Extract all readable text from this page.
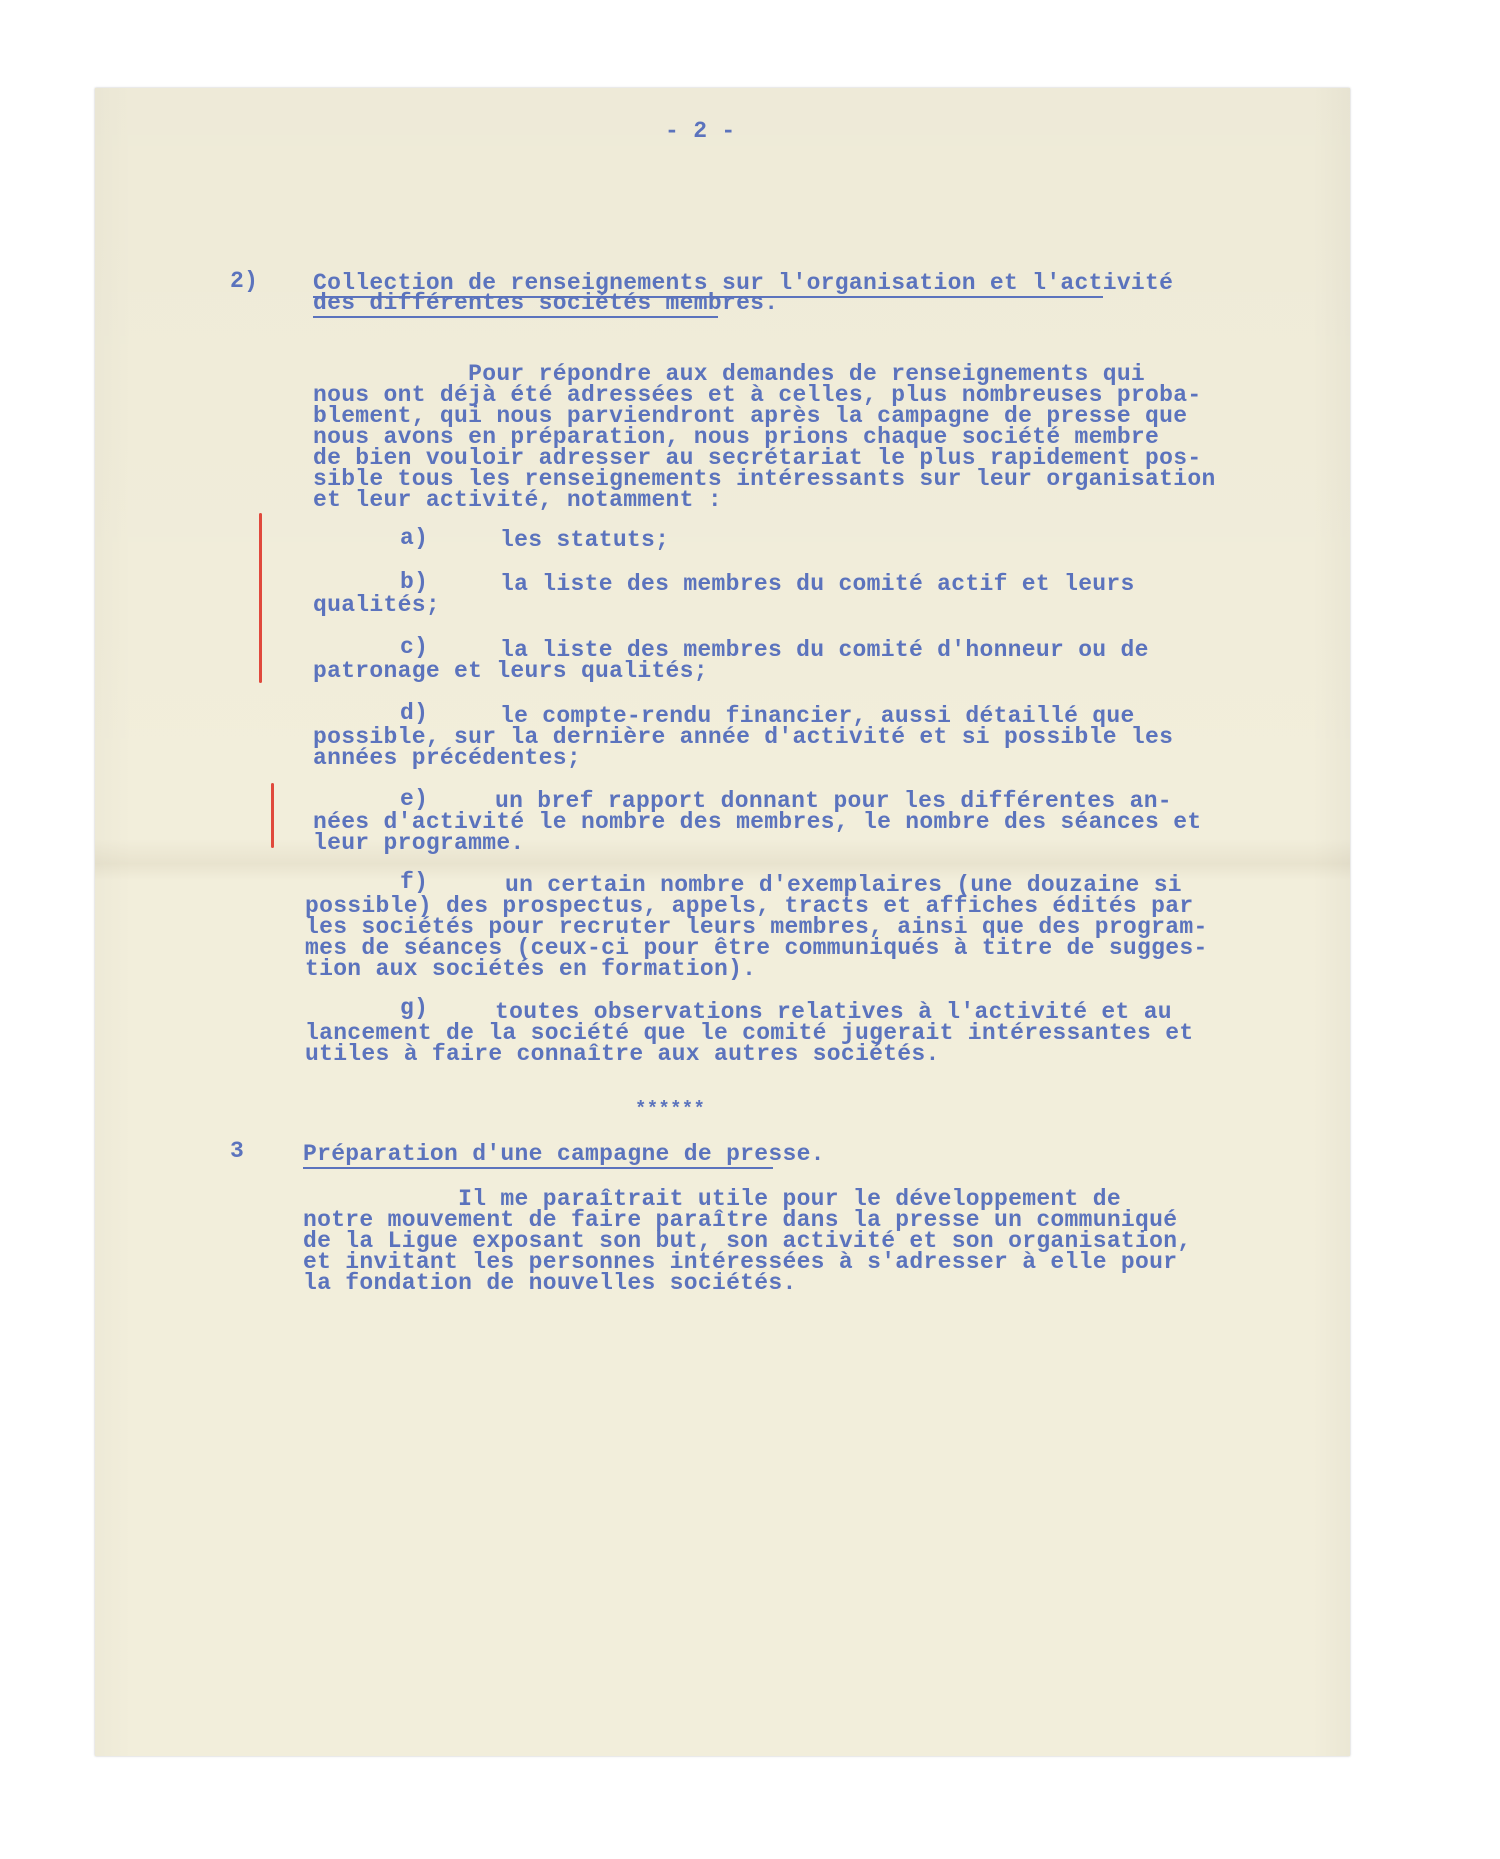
- 2 -
2) Collection de renseignements sur l'organisation et l'activité
des différentes sociétés membres.
Pour répondre aux demandes de renseignements qui
nous ont déjà été adressées et à celles, plus nombreuses proba-
blement, qui nous parviendront après la campagne de presse que
nous avons en préparation, nous prions chaque société membre
de bien vouloir adresser au secrétariat le plus rapidement pos-
sible tous les renseignements intéressants sur leur organisation
et leur activité, notamment :
a)	les statuts;
b)	la liste des membres du comité actif et leurs
qualités;
c)	la liste des membres du comité d'honneur ou de
patronage et leurs qualités;
d)	le compte-rendu financier, aussi détaillé que
possible, sur la dernière année d'activité et si possible les
années précédentes;
e)	un bref rapport donnant pour les différentes an-
nées d'activité le nombre des membres, le nombre des séances et
leur programme.
f)	un certain nombre d'exemplaires (une douzaine si
possible) des prospectus, appels, tracts et affiches édités par
les sociétés pour recruter leurs membres, ainsi que des program-
mes de séances (ceux-ci pour être communiqués à titre de sugges-
tion aux sociétés en formation).
g)	toutes observations relatives à l'activité et au
lancement de la société que le comité jugerait intéressantes et
utiles à faire connaître aux autres sociétés.
******
3	Préparation d'une campagne de presse.
Il me paraîtrait utile pour le développement de
notre mouvement de faire paraître dans la presse un communiqué
de la Ligue exposant son but, son activité et son organisation,
et invitant les personnes intéressées à s'adresser à elle pour
la fondation de nouvelles sociétés.
